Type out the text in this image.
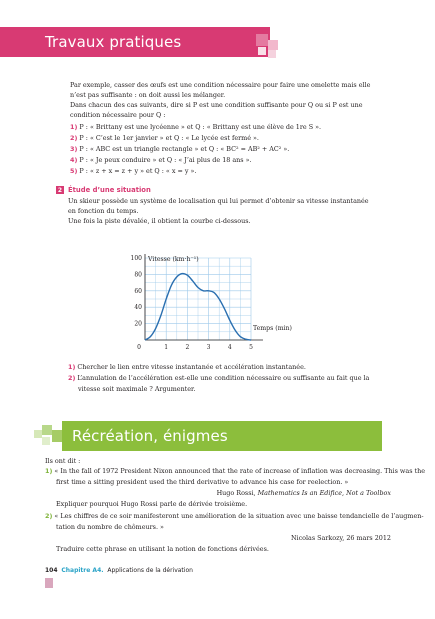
Travaux pratiques
Par exemple, casser des œufs est une condition nécessaire pour faire une omelette mais elle
n’est pas suffisante : on doit aussi les mélanger.
Dans chacun des cas suivants, dire si P est une condition suffisante pour Q ou si P est une
condition nécessaire pour Q :
1) P : « Brittany est une lycéenne » et Q : « Brittany est une élève de 1re S ».
2) P : « C’est le 1er janvier » et Q : « Le lycée est fermé ».
3) P : « ABC est un triangle rectangle » et Q : « BC² = AB² + AC² ».
4) P : « Je peux conduire » et Q : « J’ai plus de 18 ans ».
5) P : « z + x = z + y » et Q : « x = y ».
2 Étude d’une situation
Un skieur possède un système de localisation qui lui permet d’obtenir sa vitesse instantanée
en fonction du temps.
Une fois la piste dévalée, il obtient la courbe ci-dessous.
0	1	2	3	4	5
20
40
60
80
100 Vitesse (km·h⁻¹)
Temps (min)
1) Chercher le lien entre vitesse instantanée et accélération instantanée.
2) L’annulation de l’accélération est-elle une condition nécessaire ou suffisante au fait que la
vitesse soit maximale ? Argumenter.
Récréation, énigmes
Ils ont dit :
1) « In the fall of 1972 President Nixon announced that the rate of increase of inflation was decreasing. This was the
first time a sitting president used the third derivative to advance his case for reelection. »
Hugo Rossi, Mathematics Is an Edifice, Not a Toolbox
Expliquer pourquoi Hugo Rossi parle de dérivée troisième.
2) « Les chiffres de ce soir manifesteront une amélioration de la situation avec une baisse tendancielle de l’augmen-
tation du nombre de chômeurs. »
Nicolas Sarkozy, 26 mars 2012
Traduire cette phrase en utilisant la notion de fonctions dérivées.
104 Chapitre A4. Applications de la dérivation
